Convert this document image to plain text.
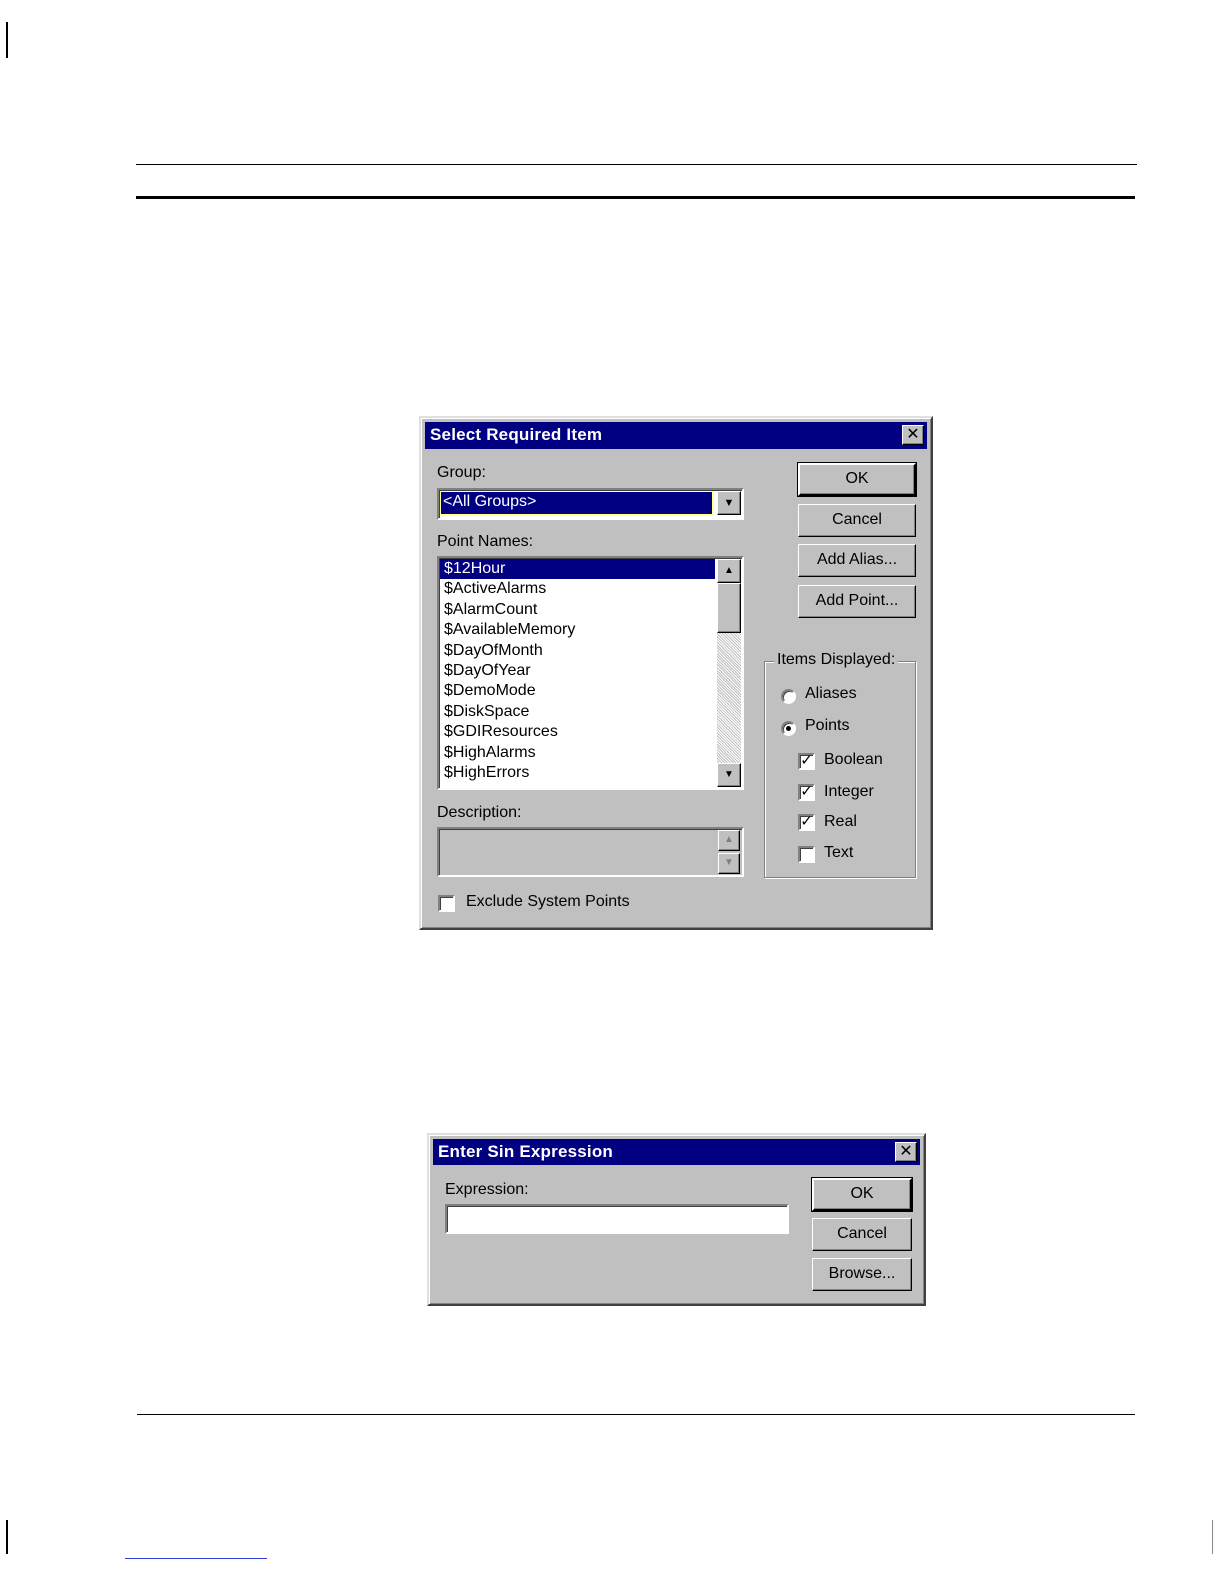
Select Required Item	✕
Group:
<All Groups>	▼
Point Names:
$12Hour
$ActiveAlarms
$AlarmCount
$AvailableMemory
$DayOfMonth
$DayOfYear
$DemoMode
$DiskSpace
$GDIResources
$HighAlarms
$HighErrors
▲
▼
Description:
▲
▼
Exclude System Points
OK
Cancel
Add Alias...
Add Point...
Items Displayed:
Aliases
Points
✓ Boolean
✓ Integer
✓ Real
Text
Enter Sin Expression	✕
Expression:	OK
Cancel
Browse...
